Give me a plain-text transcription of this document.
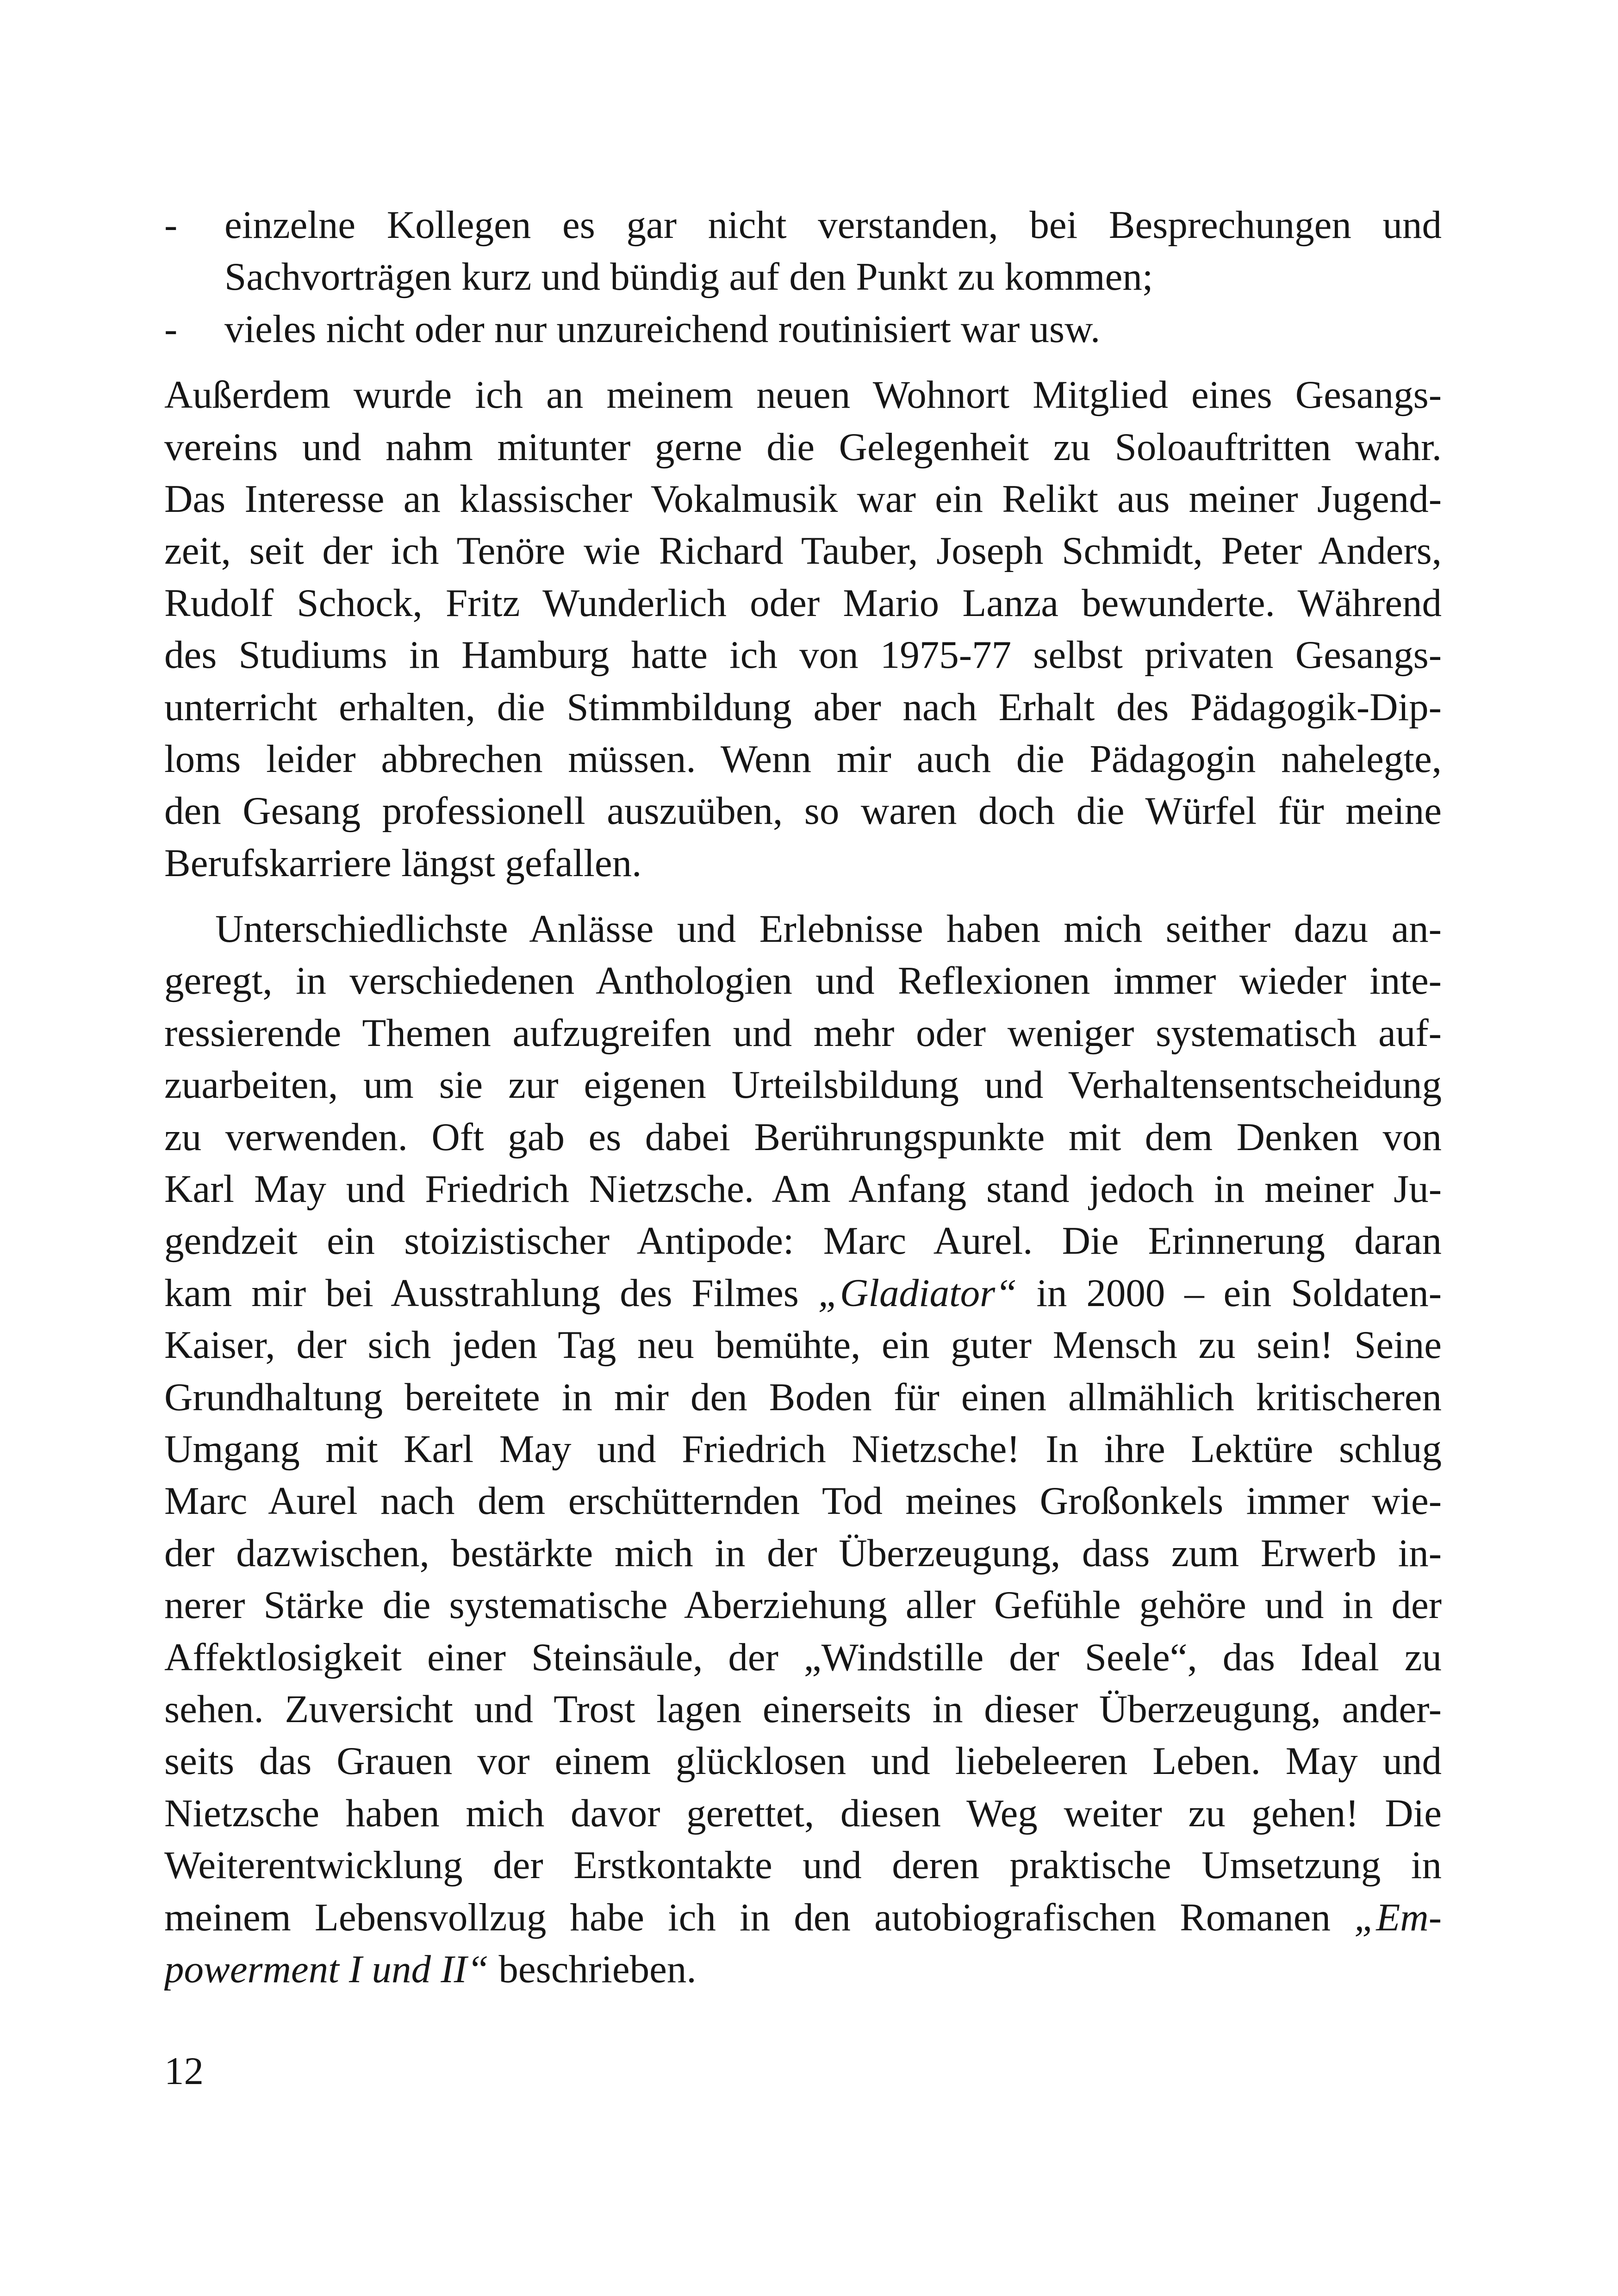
- einzelne Kollegen es gar nicht verstanden, bei Besprechungen und
Sachvorträgen kurz und bündig auf den Punkt zu kommen;
- vieles nicht oder nur unzureichend routinisiert war usw.

Außerdem wurde ich an meinem neuen Wohnort Mitglied eines Gesangs-
vereins und nahm mitunter gerne die Gelegenheit zu Soloauftritten wahr.
Das Interesse an klassischer Vokalmusik war ein Relikt aus meiner Jugend-
zeit, seit der ich Tenöre wie Richard Tauber, Joseph Schmidt, Peter Anders,
Rudolf Schock, Fritz Wunderlich oder Mario Lanza bewunderte. Während
des Studiums in Hamburg hatte ich von 1975-77 selbst privaten Gesangs-
unterricht erhalten, die Stimmbildung aber nach Erhalt des Pädagogik-Dip-
loms leider abbrechen müssen. Wenn mir auch die Pädagogin nahelegte,
den Gesang professionell auszuüben, so waren doch die Würfel für meine
Berufskarriere längst gefallen.

Unterschiedlichste Anlässe und Erlebnisse haben mich seither dazu an-
geregt, in verschiedenen Anthologien und Reflexionen immer wieder inte-
ressierende Themen aufzugreifen und mehr oder weniger systematisch auf-
zuarbeiten, um sie zur eigenen Urteilsbildung und Verhaltensentscheidung
zu verwenden. Oft gab es dabei Berührungspunkte mit dem Denken von
Karl May und Friedrich Nietzsche. Am Anfang stand jedoch in meiner Ju-
gendzeit ein stoizistischer Antipode: Marc Aurel. Die Erinnerung daran
kam mir bei Ausstrahlung des Filmes „Gladiator“ in 2000 – ein Soldaten-
Kaiser, der sich jeden Tag neu bemühte, ein guter Mensch zu sein! Seine
Grundhaltung bereitete in mir den Boden für einen allmählich kritischeren
Umgang mit Karl May und Friedrich Nietzsche! In ihre Lektüre schlug
Marc Aurel nach dem erschütternden Tod meines Großonkels immer wie-
der dazwischen, bestärkte mich in der Überzeugung, dass zum Erwerb in-
nerer Stärke die systematische Aberziehung aller Gefühle gehöre und in der
Affektlosigkeit einer Steinsäule, der „Windstille der Seele“, das Ideal zu
sehen. Zuversicht und Trost lagen einerseits in dieser Überzeugung, ander-
seits das Grauen vor einem glücklosen und liebeleeren Leben. May und
Nietzsche haben mich davor gerettet, diesen Weg weiter zu gehen! Die
Weiterentwicklung der Erstkontakte und deren praktische Umsetzung in
meinem Lebensvollzug habe ich in den autobiografischen Romanen „Em-
powerment I und II“ beschrieben.

12
